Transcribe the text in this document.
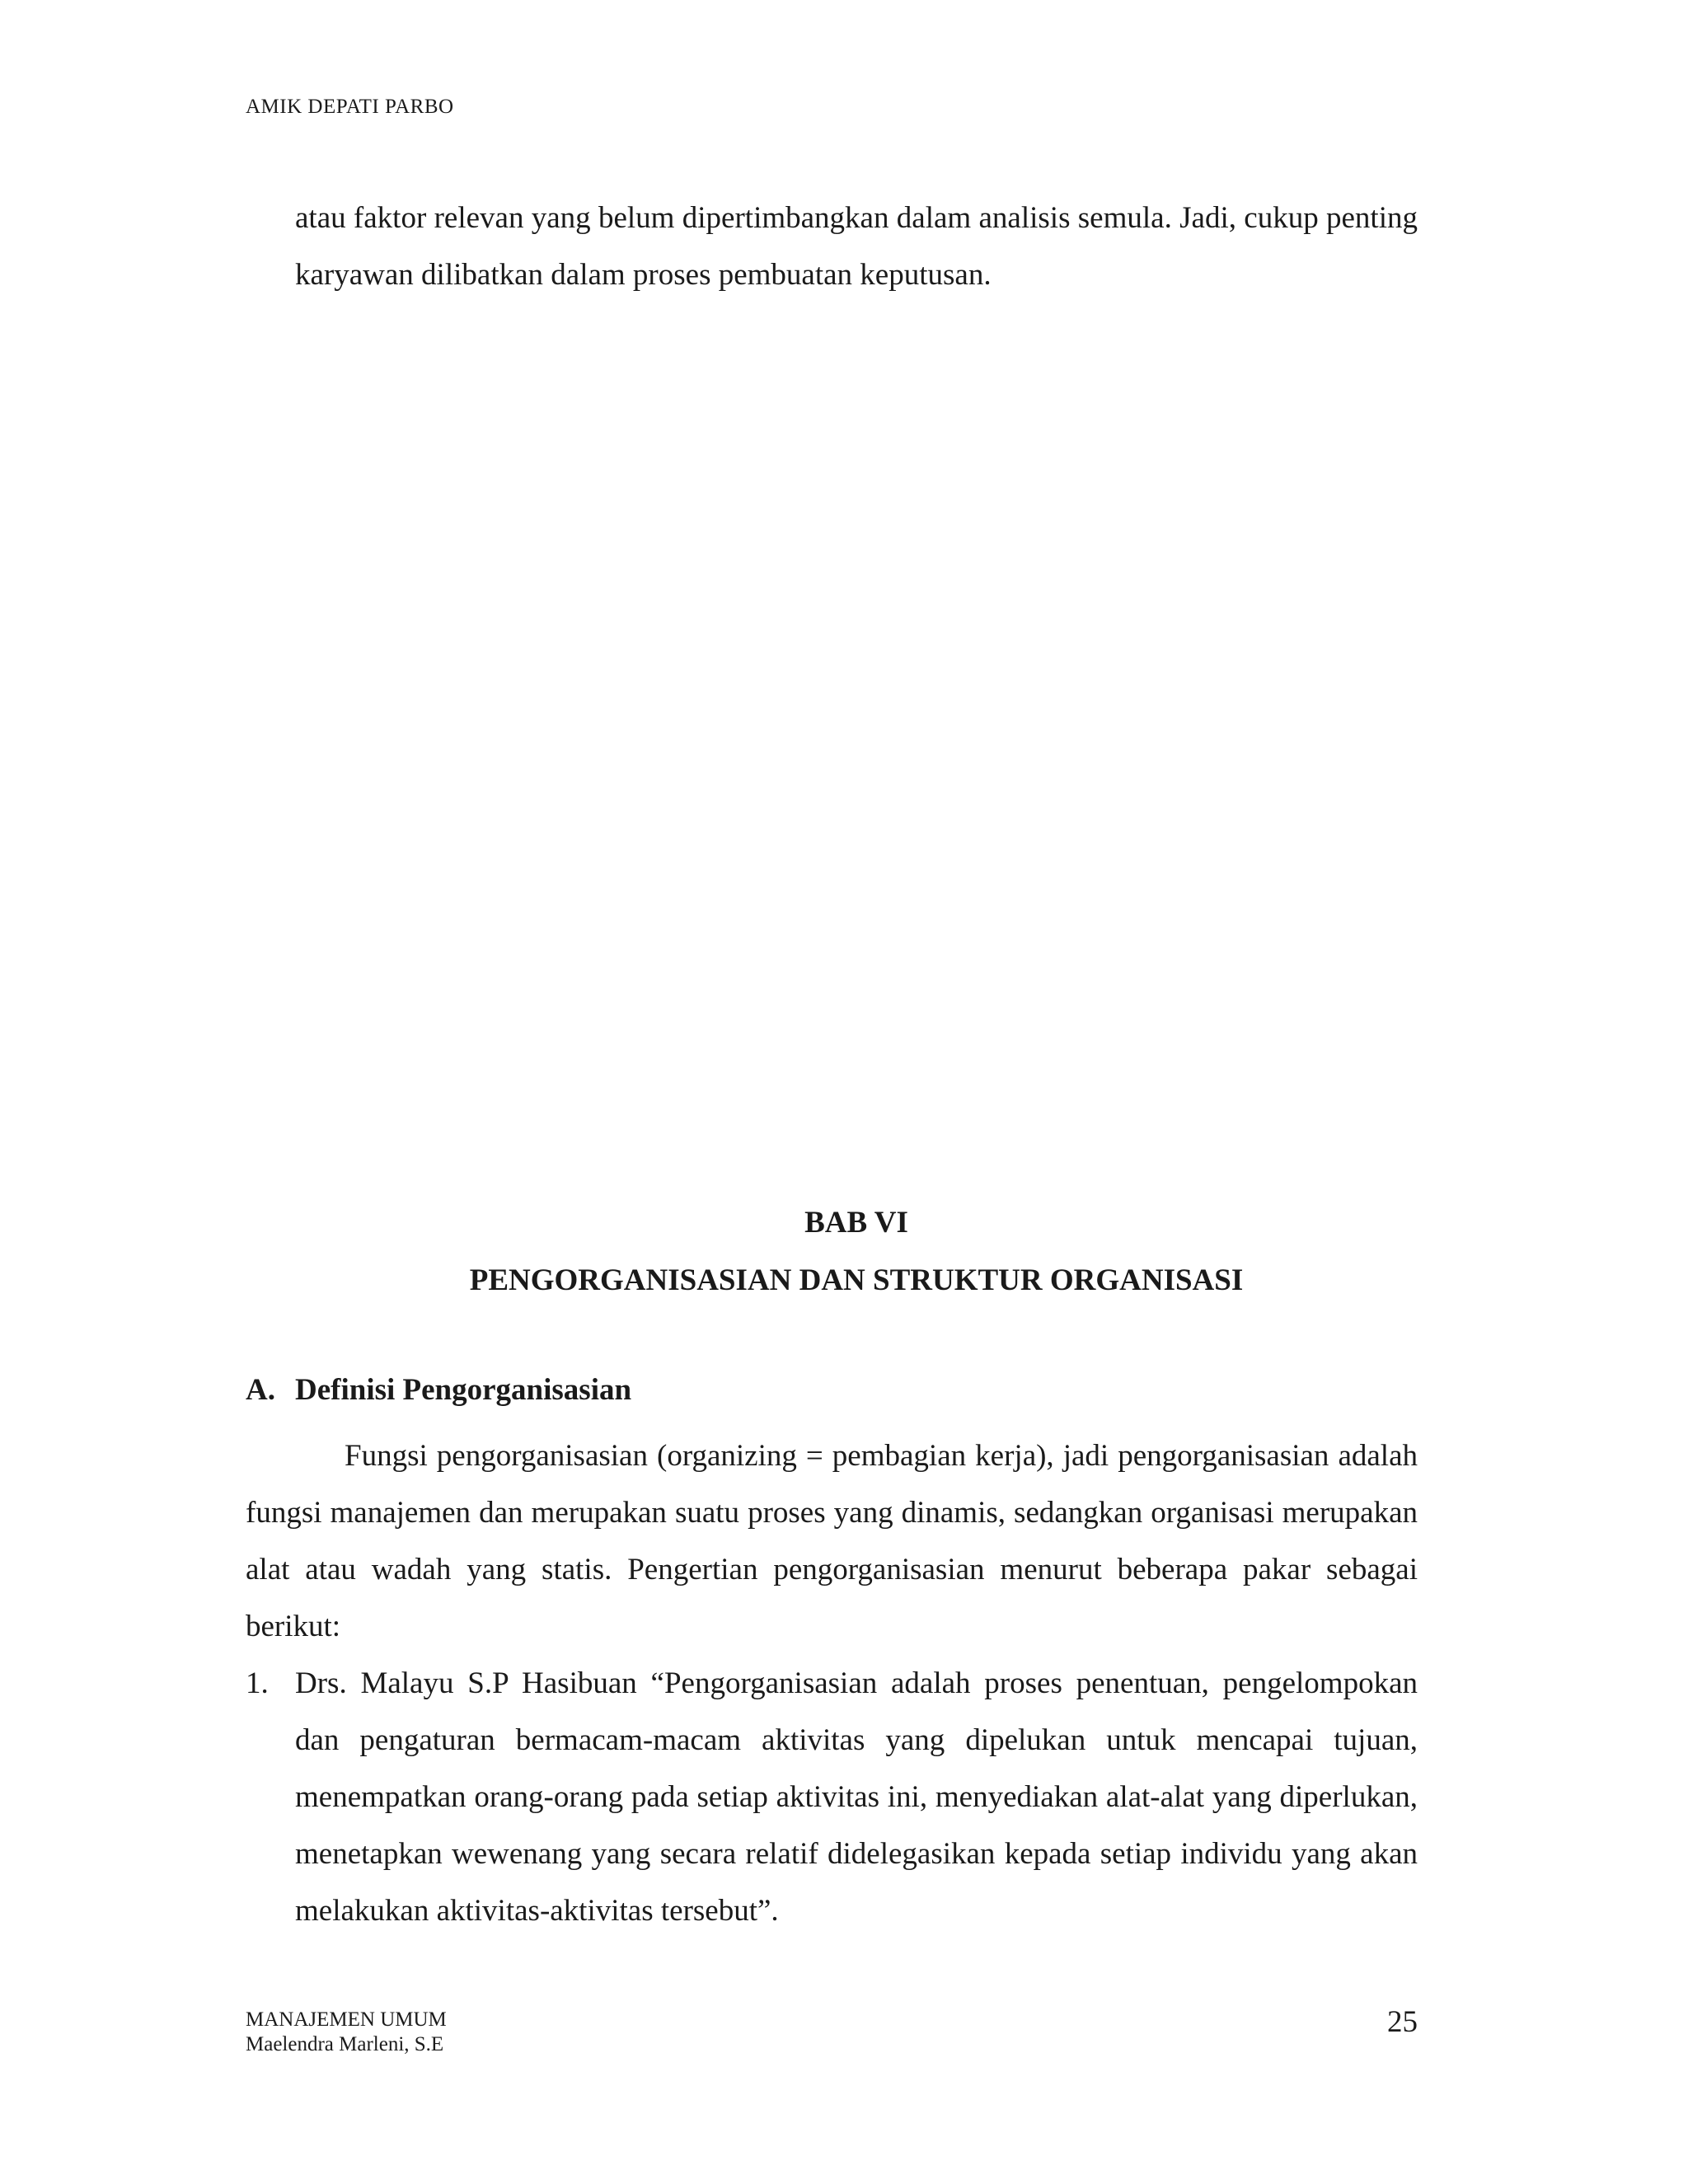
AMIK DEPATI PARBO

atau faktor relevan yang belum dipertimbangkan dalam analisis semula. Jadi, cukup penting karyawan dilibatkan dalam proses pembuatan keputusan.

BAB VI
PENGORGANISASIAN DAN STRUKTUR ORGANISASI
A. Definisi Pengorganisasian

Fungsi pengorganisasian (organizing = pembagian kerja), jadi pengorganisasian adalah fungsi manajemen dan merupakan suatu proses yang dinamis, sedangkan organisasi merupakan alat atau wadah yang statis. Pengertian pengorganisasian menurut beberapa pakar sebagai berikut:

1. Drs. Malayu S.P Hasibuan “Pengorganisasian adalah proses penentuan, pengelompokan dan pengaturan bermacam-macam aktivitas yang dipelukan untuk mencapai tujuan, menempatkan orang-orang pada setiap aktivitas ini, menyediakan alat-alat yang diperlukan, menetapkan wewenang yang secara relatif didelegasikan kepada setiap individu yang akan melakukan aktivitas-aktivitas tersebut”.

MANAJEMEN UMUM
Maelendra Marleni, S.E
25
